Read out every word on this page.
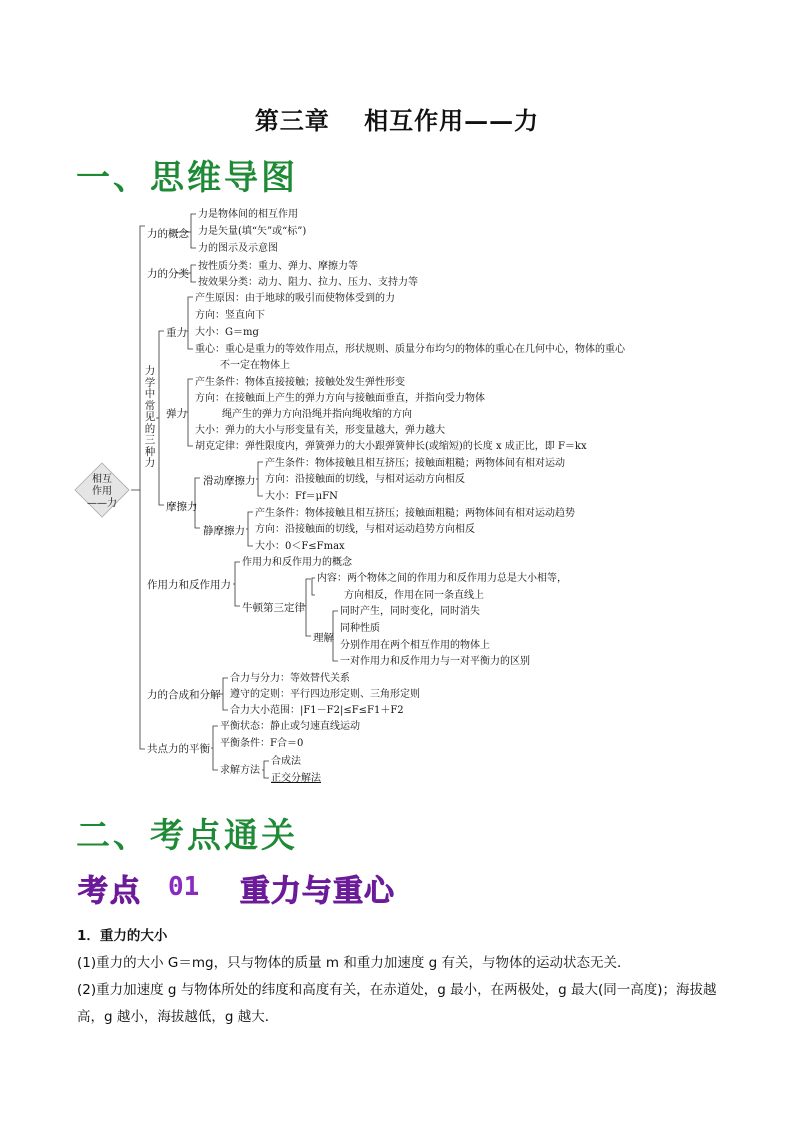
第三章　 相互作用——力
一、思维导图
相互
作用
——力
力的概念
力的分类
力学中常见的三种力
作用力和反作用力
力的合成和分解
共点力的平衡
力是物体间的相互作用
力是矢量(填“矢”或“标”)
力的图示及示意图
按性质分类：重力、弹力、摩擦力等
按效果分类：动力、阻力、拉力、压力、支持力等
重力
产生原因：由于地球的吸引而使物体受到的力
方向：竖直向下
大小：G＝mg
重心：重心是重力的等效作用点，形状规则、质量分布均匀的物体的重心在几何中心，物体的重心
不一定在物体上
弹力
产生条件：物体直接接触；接触处发生弹性形变
方向：在接触面上产生的弹力方向与接触面垂直，并指向受力物体
绳产生的弹力方向沿绳并指向绳收缩的方向
大小：弹力的大小与形变量有关，形变量越大，弹力越大
胡克定律：弹性限度内，弹簧弹力的大小跟弹簧伸长(或缩短)的长度 x 成正比，即 F＝kx
摩擦力
滑动摩擦力
产生条件：物体接触且相互挤压；接触面粗糙；两物体间有相对运动
方向：沿接触面的切线，与相对运动方向相反
大小：Ff＝μFN
静摩擦力
产生条件：物体接触且相互挤压；接触面粗糙；两物体间有相对运动趋势
方向：沿接触面的切线，与相对运动趋势方向相反
大小：0＜F≤Fmax
作用力和反作用力的概念
牛顿第三定律
内容：两个物体之间的作用力和反作用力总是大小相等，
方向相反，作用在同一条直线上
理解
同时产生，同时变化，同时消失
同种性质
分别作用在两个相互作用的物体上
一对作用力和反作用力与一对平衡力的区别
合力与分力：等效替代关系
遵守的定则：平行四边形定则、三角形定则
合力大小范围：|F1－F2|≤F≤F1＋F2
平衡状态：静止或匀速直线运动
平衡条件：F合＝0
求解方法
合成法
正交分解法
二、考点通关
考点 01 重力与重心
1．重力的大小
(1)重力的大小 G＝mg，只与物体的质量 m 和重力加速度 g 有关，与物体的运动状态无关．
(2)重力加速度 g 与物体所处的纬度和高度有关，在赤道处，g 最小，在两极处，g 最大(同一高度)；海拔越
高，g 越小，海拔越低，g 越大．
